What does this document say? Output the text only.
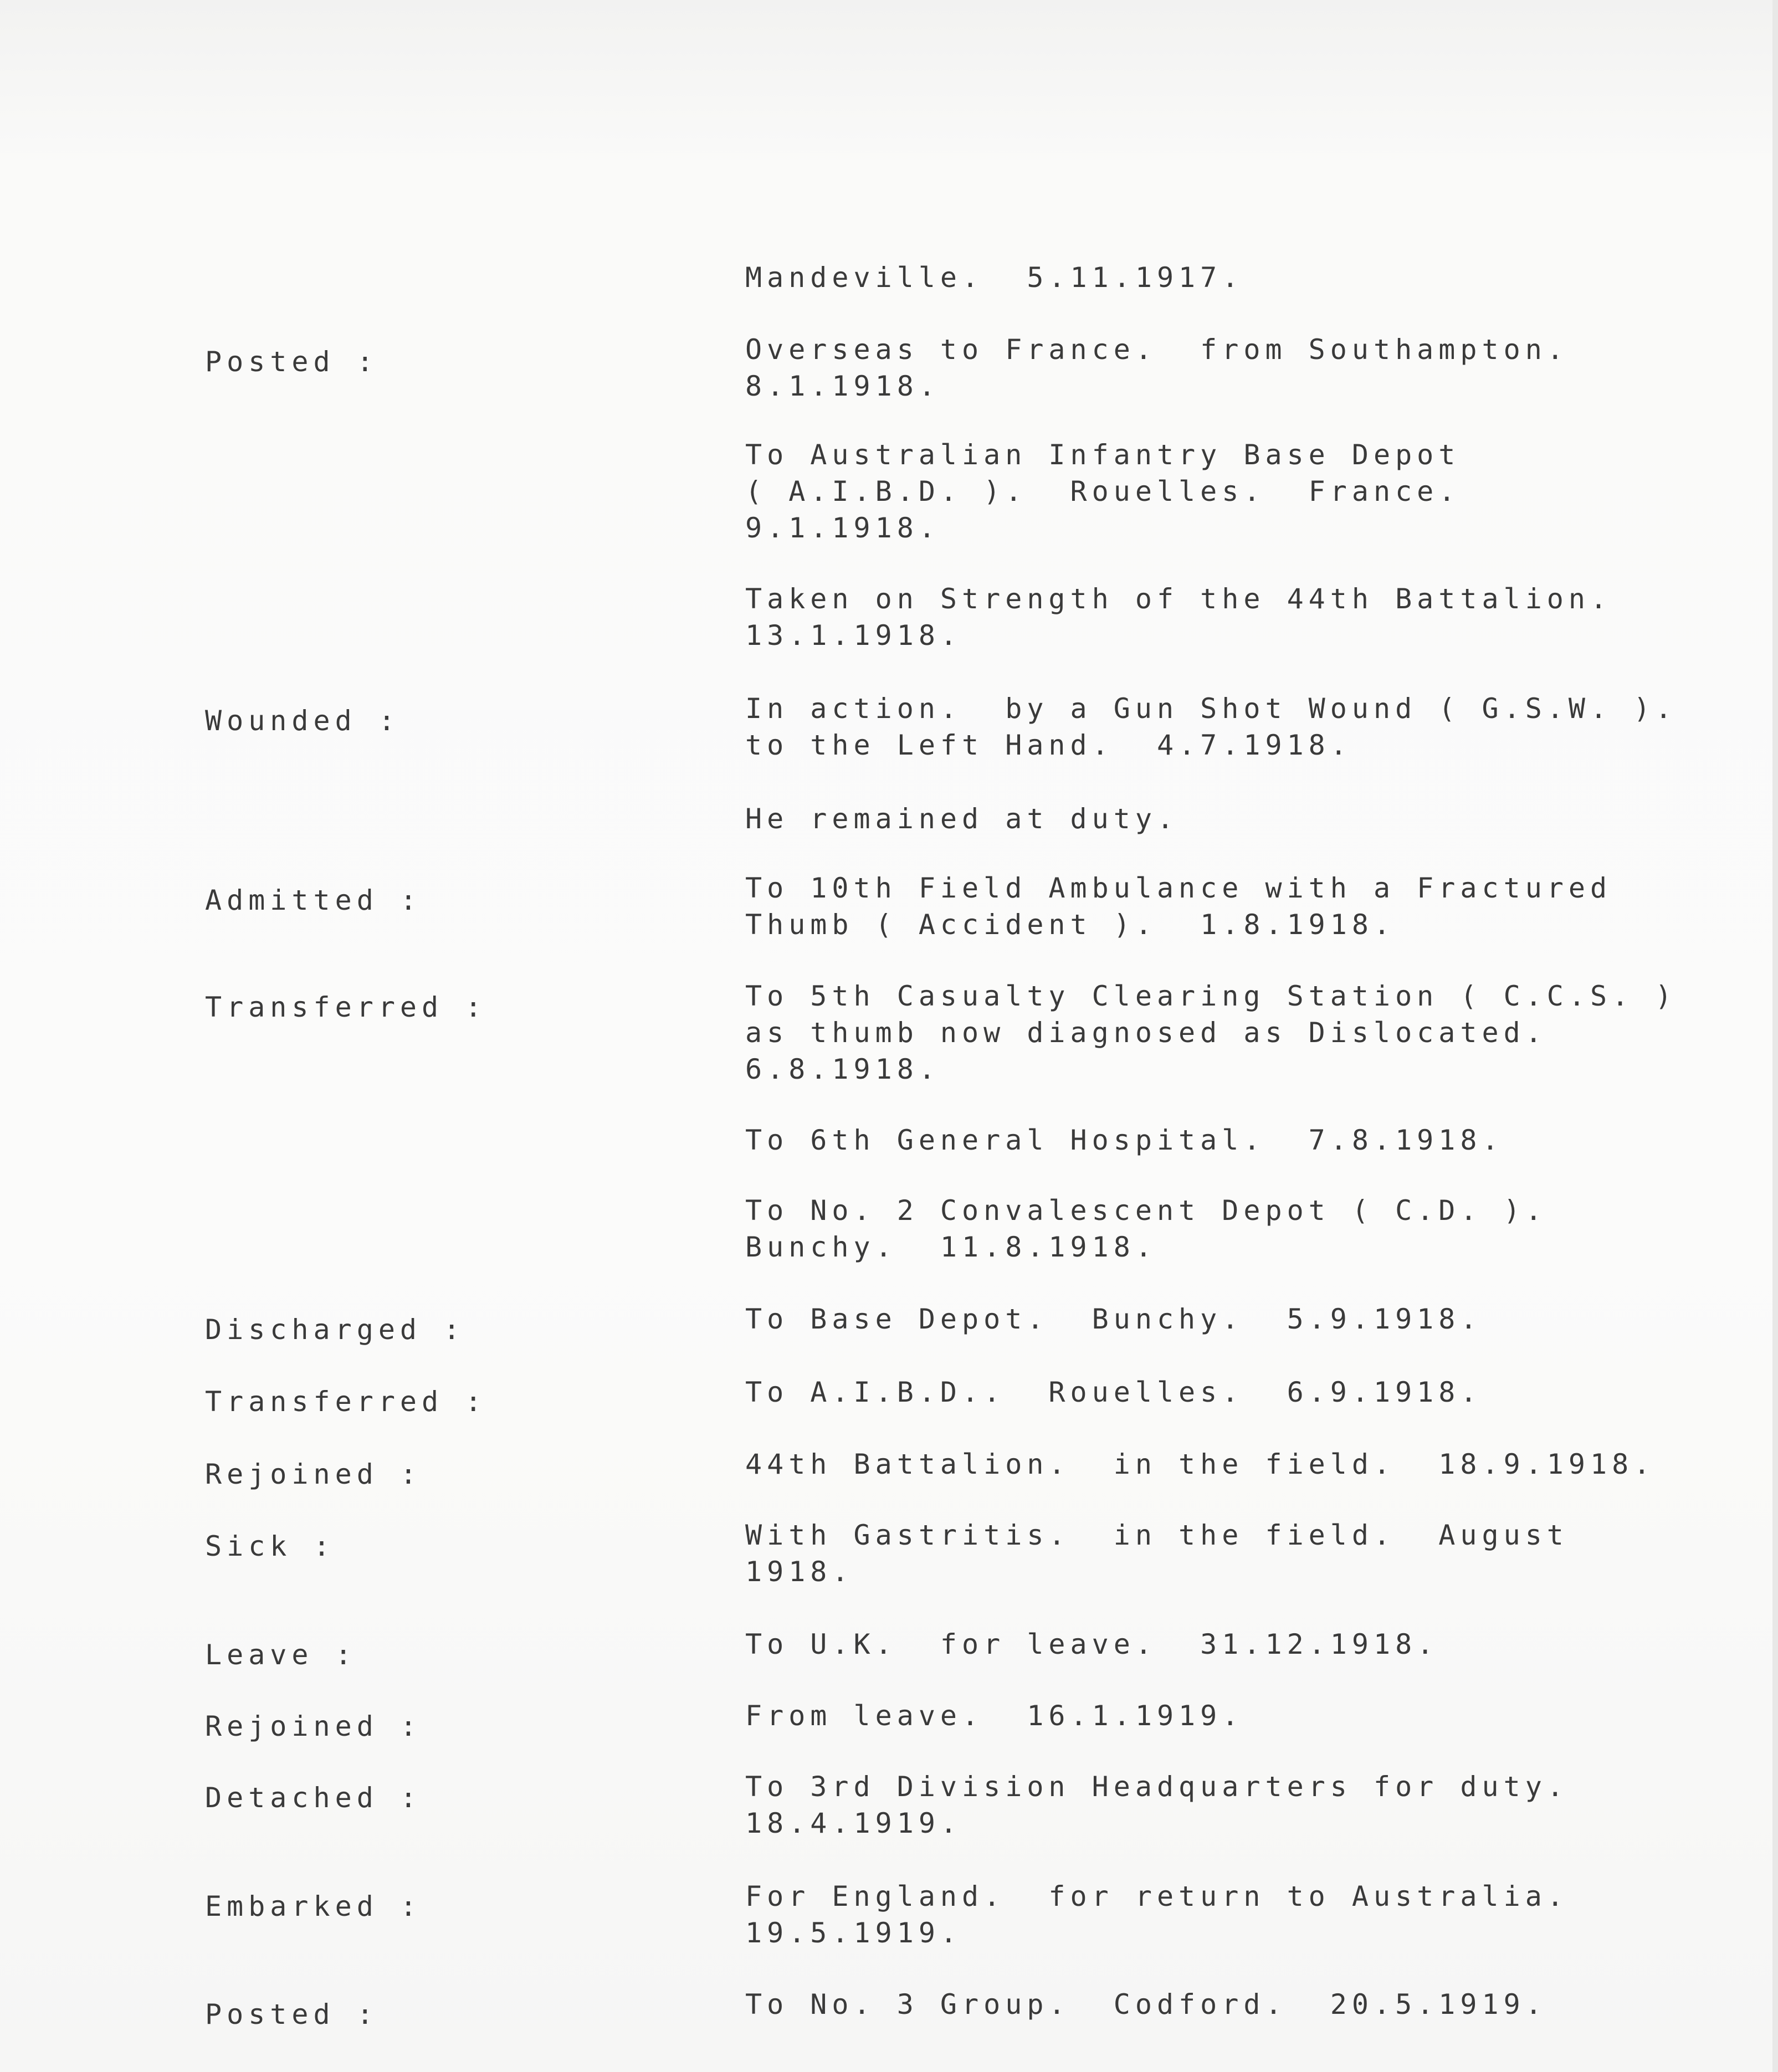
Mandeville.  5.11.1917.
Posted :	Overseas to France.  from Southampton.
8.1.1918.
To Australian Infantry Base Depot
( A.I.B.D. ).  Rouelles.  France.
9.1.1918.
Taken on Strength of the 44th Battalion.
13.1.1918.
Wounded :	In action.  by a Gun Shot Wound ( G.S.W. ).
to the Left Hand.  4.7.1918.
He remained at duty.
Admitted :	To 10th Field Ambulance with a Fractured
Thumb ( Accident ).  1.8.1918.
Transferred :	To 5th Casualty Clearing Station ( C.C.S. )
as thumb now diagnosed as Dislocated.
6.8.1918.
To 6th General Hospital.  7.8.1918.
To No. 2 Convalescent Depot ( C.D. ).
Bunchy.  11.8.1918.
Discharged :	To Base Depot.  Bunchy.  5.9.1918.
Transferred :	To A.I.B.D..  Rouelles.  6.9.1918.
Rejoined :	44th Battalion.  in the field.  18.9.1918.
Sick :	With Gastritis.  in the field.  August
1918.
Leave :	To U.K.  for leave.  31.12.1918.
Rejoined :	From leave.  16.1.1919.
Detached :	To 3rd Division Headquarters for duty.
18.4.1919.
Embarked :	For England.  for return to Australia.
19.5.1919.
Posted :	To No. 3 Group.  Codford.  20.5.1919.
